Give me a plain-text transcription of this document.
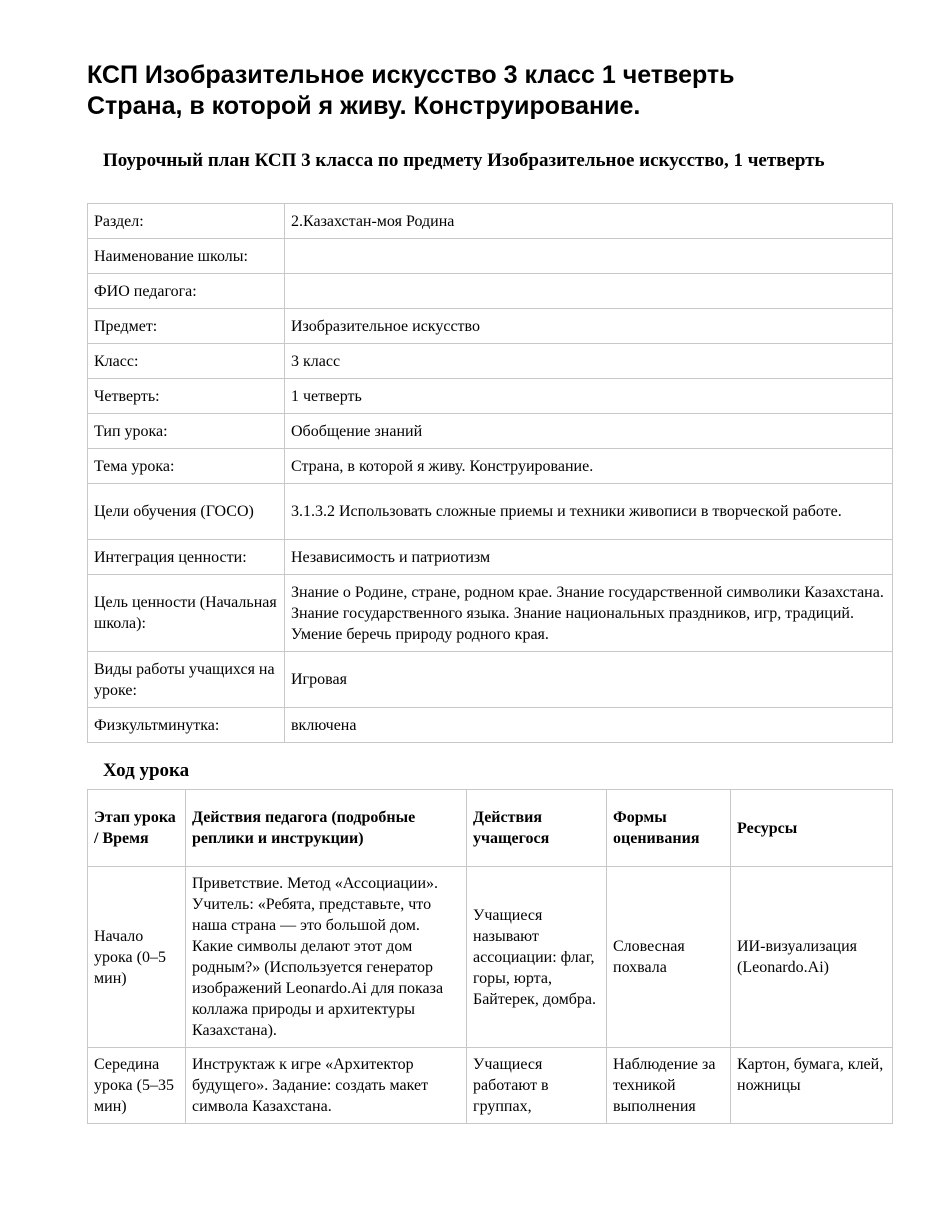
КСП Изобразительное искусство 3 класс 1 четверть
Страна, в которой я живу. Конструирование.
Поурочный план КСП 3 класса по предмету Изобразительное искусство, 1 четверть
Раздел:	2.Казахстан-моя Родина
Наименование школы:	
ФИО педагога:	
Предмет:	Изобразительное искусство
Класс:	3 класс
Четверть:	1 четверть
Тип урока:	Обобщение знаний
Тема урока:	Страна, в которой я живу. Конструирование.
Цели обучения (ГОСО)	3.1.3.2 Использовать сложные приемы и техники живописи в творческой работе.
Интеграция ценности:	Независимость и патриотизм
Цель ценности (Начальная школа):	Знание о Родине, стране, родном крае. Знание государственной символики Казахстана. Знание государственного языка. Знание национальных праздников, игр, традиций. Умение беречь природу родного края.
Виды работы учащихся на уроке:	Игровая
Физкультминутка:	включена
Ход урока
Этап урока / Время	Действия педагога (подробные реплики и инструкции)	Действия учащегося	Формы оценивания	Ресурсы
Начало урока (0–5 мин)	Приветствие. Метод «Ассоциации». Учитель: «Ребята, представьте, что наша страна — это большой дом. Какие символы делают этот дом родным?» (Используется генератор изображений Leonardo.Ai для показа коллажа природы и архитектуры Казахстана).	Учащиеся называют ассоциации: флаг, горы, юрта, Байтерек, домбра.	Словесная похвала	ИИ-визуализация (Leonardo.Ai)
Середина урока (5–35 мин)	Инструктаж к игре «Архитектор будущего». Задание: создать макет символа Казахстана.	Учащиеся работают в группах,	Наблюдение за техникой выполнения	Картон, бумага, клей, ножницы
